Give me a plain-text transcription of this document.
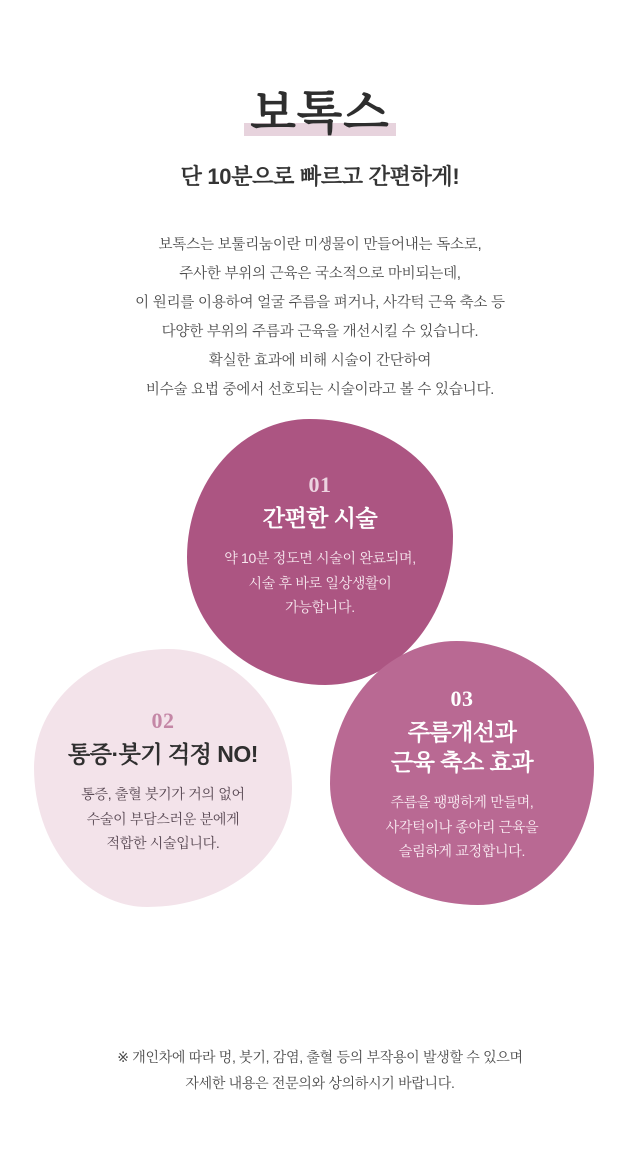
보톡스
단 10분으로 빠르고 간편하게!
보톡스는 보툴리눔이란 미생물이 만들어내는 독소로,
주사한 부위의 근육은 국소적으로 마비되는데,
이 원리를 이용하여 얼굴 주름을 펴거나, 사각턱 근육 축소 등
다양한 부위의 주름과 근육을 개선시킬 수 있습니다.
확실한 효과에 비해 시술이 간단하여
비수술 요법 중에서 선호되는 시술이라고 볼 수 있습니다.
01
간편한 시술
약 10분 정도면 시술이 완료되며,
시술 후 바로 일상생활이
가능합니다.
02
통증·붓기 걱정 NO!
통증, 출혈 붓기가 거의 없어
수술이 부담스러운 분에게
적합한 시술입니다.
03
주름개선과
근육 축소 효과
주름을 팽팽하게 만들며,
사각턱이나 종아리 근육을
슬림하게 교정합니다.
※ 개인차에 따라 멍, 붓기, 감염, 출혈 등의 부작용이 발생할 수 있으며
자세한 내용은 전문의와 상의하시기 바랍니다.
